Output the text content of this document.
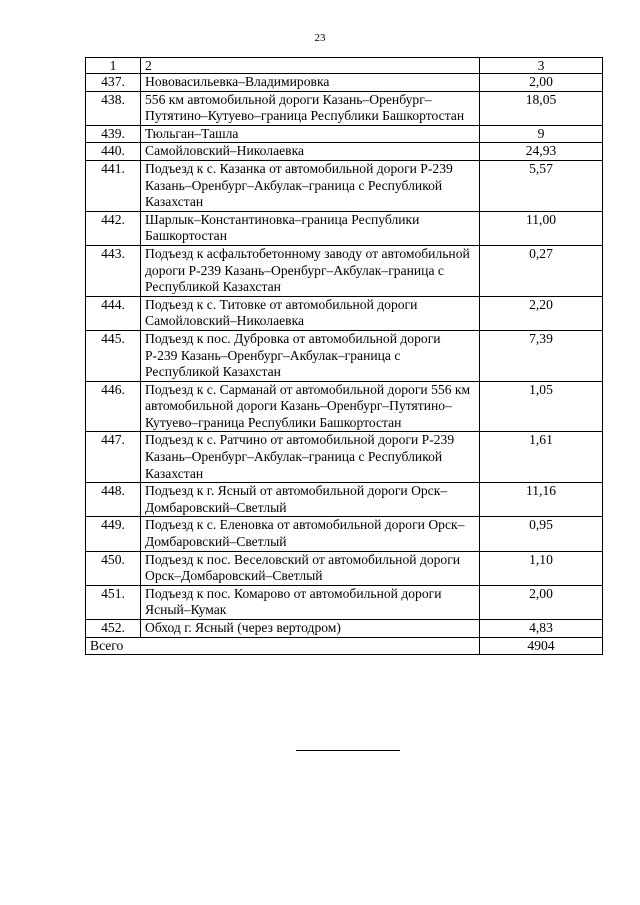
23
1	2	3
437.	Нововасильевка–Владимировка	2,00
438.	556 км автомобильной дороги Казань–Оренбург–Путятино–Кутуево–граница Республики Башкортостан	18,05
439.	Тюльган–Ташла	9
440.	Самойловский–Николаевка	24,93
441.	Подъезд к с. Казанка от автомобильной дороги Р-239 Казань–Оренбург–Акбулак–граница с Республикой Казахстан	5,57
442.	Шарлык–Константиновка–граница Республики Башкортостан	11,00
443.	Подъезд к асфальтобетонному заводу от автомобильной дороги Р-239 Казань–Оренбург–Акбулак–граница с Республикой Казахстан	0,27
444.	Подъезд к с. Титовке от автомобильной дороги Самойловский–Николаевка	2,20
445.	Подъезд к пос. Дубровка от автомобильной дороги Р-239 Казань–Оренбург–Акбулак–граница с Республикой Казахстан	7,39
446.	Подъезд к с. Сарманай от автомобильной дороги 556 км автомобильной дороги Казань–Оренбург–Путятино–Кутуево–граница Республики Башкортостан	1,05
447.	Подъезд к с. Ратчино от автомобильной дороги Р-239 Казань–Оренбург–Акбулак–граница с Республикой Казахстан	1,61
448.	Подъезд к г. Ясный от автомобильной дороги Орск–Домбаровский–Светлый	11,16
449.	Подъезд к с. Еленовка от автомобильной дороги Орск–Домбаровский–Светлый	0,95
450.	Подъезд к пос. Веселовский от автомобильной дороги Орск–Домбаровский–Светлый	1,10
451.	Подъезд к пос. Комарово от автомобильной дороги Ясный–Кумак	2,00
452.	Обход г. Ясный (через вертодром)	4,83
Всего		4904
